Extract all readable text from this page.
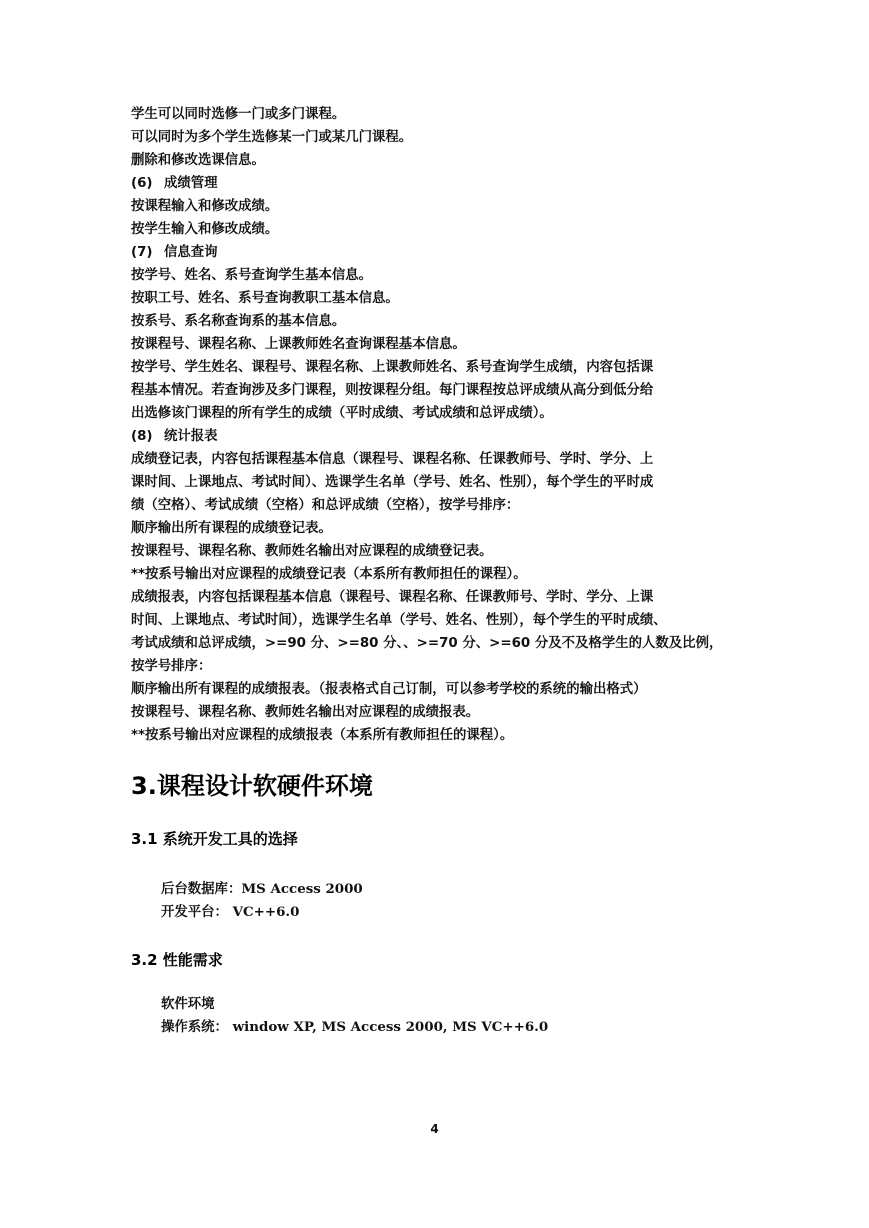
学生可以同时选修一门或多门课程。
可以同时为多个学生选修某一门或某几门课程。
删除和修改选课信息。
(6) 成绩管理
按课程输入和修改成绩。
按学生输入和修改成绩。
(7) 信息查询
按学号、姓名、系号查询学生基本信息。
按职工号、姓名、系号查询教职工基本信息。
按系号、系名称查询系的基本信息。
按课程号、课程名称、上课教师姓名查询课程基本信息。
按学号、学生姓名、课程号、课程名称、上课教师姓名、系号查询学生成绩，内容包括课
程基本情况。若查询涉及多门课程，则按课程分组。每门课程按总评成绩从高分到低分给
出选修该门课程的所有学生的成绩（平时成绩、考试成绩和总评成绩）。
(8) 统计报表
成绩登记表，内容包括课程基本信息（课程号、课程名称、任课教师号、学时、学分、上
课时间、上课地点、考试时间）、选课学生名单（学号、姓名、性别），每个学生的平时成
绩（空格）、考试成绩（空格）和总评成绩（空格），按学号排序：
顺序输出所有课程的成绩登记表。
按课程号、课程名称、教师姓名输出对应课程的成绩登记表。
**按系号输出对应课程的成绩登记表（本系所有教师担任的课程）。
成绩报表，内容包括课程基本信息（课程号、课程名称、任课教师号、学时、学分、上课
时间、上课地点、考试时间），选课学生名单（学号、姓名、性别），每个学生的平时成绩、
考试成绩和总评成绩，>=90 分、>=80 分、、>=70 分、>=60 分及不及格学生的人数及比例，
按学号排序：
顺序输出所有课程的成绩报表。（报表格式自己订制，可以参考学校的系统的输出格式）
按课程号、课程名称、教师姓名输出对应课程的成绩报表。
**按系号输出对应课程的成绩报表（本系所有教师担任的课程）。
3.课程设计软硬件环境
3.1 系统开发工具的选择
后台数据库：MS Access 2000
开发平台： VC++6.0
3.2 性能需求
软件环境
操作系统： window XP, MS Access 2000, MS VC++6.0
4
